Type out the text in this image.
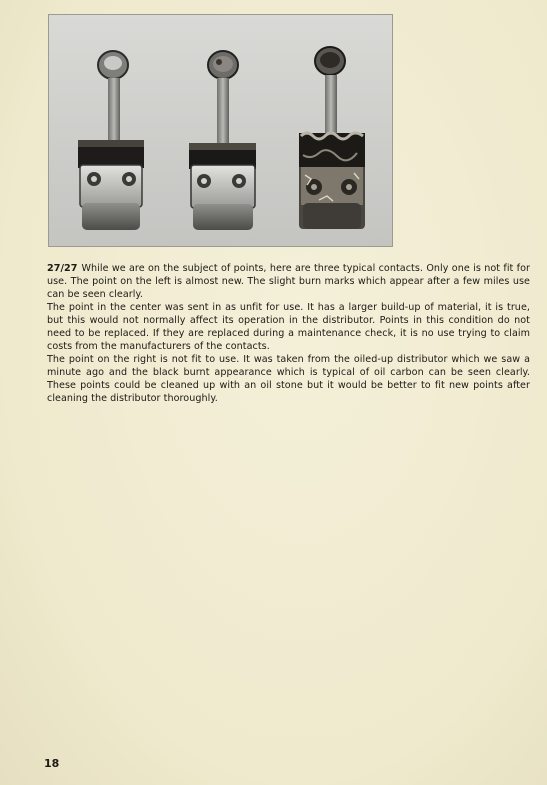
27/27 While we are on the subject of points, here are three typical contacts. Only one is not fit for use. The point on the left is almost new. The slight burn marks which appear after a few miles use can be seen clearly.

The point in the center was sent in as unfit for use. It has a larger build-up of material, it is true, but this would not normally affect its operation in the distributor. Points in this condition do not need to be replaced. If they are replaced during a maintenance check, it is no use trying to claim costs from the manufacturers of the contacts.

The point on the right is not fit to use. It was taken from the oiled-up distributor which we saw a minute ago and the black burnt appearance which is typical of oil carbon can be seen clearly. These points could be cleaned up with an oil stone but it would be better to fit new points after cleaning the distributor thoroughly.

18
